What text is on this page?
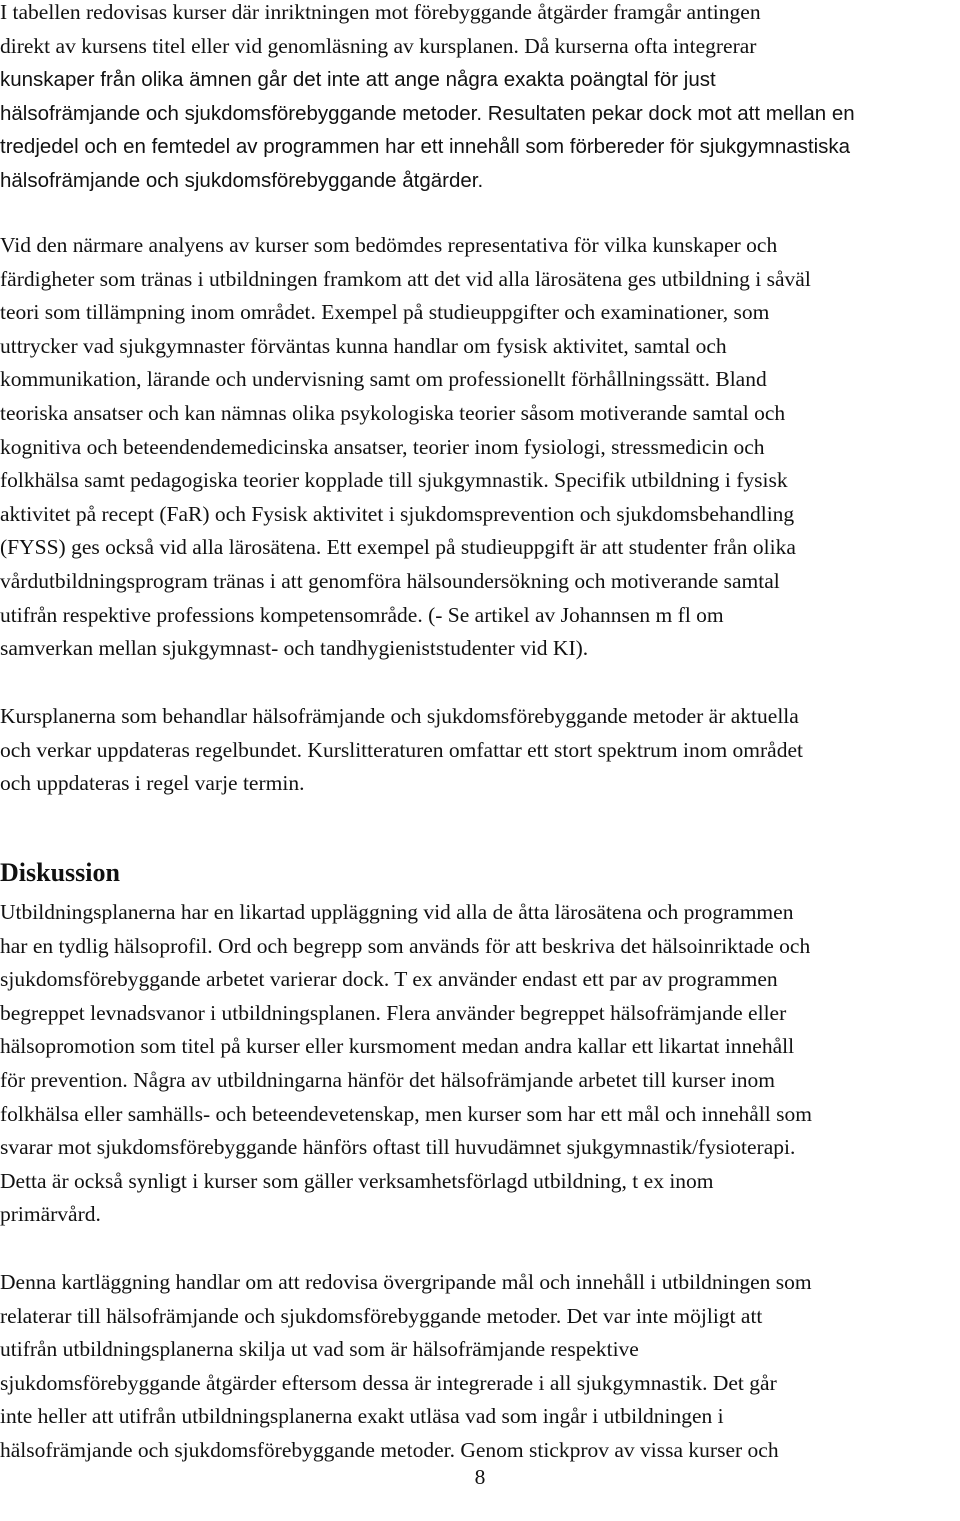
I tabellen redovisas kurser där inriktningen mot förebyggande åtgärder framgår antingen
direkt av kursens titel eller vid genomläsning av kursplanen. Då kurserna ofta integrerar
kunskaper från olika ämnen går det inte att ange några exakta poängtal för just
hälsofrämjande och sjukdomsförebyggande metoder. Resultaten pekar dock mot att mellan en
tredjedel och en femtedel av programmen har ett innehåll som förbereder för sjukgymnastiska
hälsofrämjande och sjukdomsförebyggande åtgärder.

Vid den närmare analyens av kurser som bedömdes representativa för vilka kunskaper och
färdigheter som tränas i utbildningen framkom att det vid alla lärosätena ges utbildning i såväl
teori som tillämpning inom området. Exempel på studieuppgifter och examinationer, som
uttrycker vad sjukgymnaster förväntas kunna handlar om fysisk aktivitet, samtal och
kommunikation, lärande och undervisning samt om professionellt förhållningssätt. Bland
teoriska ansatser och kan nämnas olika psykologiska teorier såsom motiverande samtal och
kognitiva och beteendendemedicinska ansatser, teorier inom fysiologi, stressmedicin och
folkhälsa samt pedagogiska teorier kopplade till sjukgymnastik. Specifik utbildning i fysisk
aktivitet på recept (FaR) och Fysisk aktivitet i sjukdomsprevention och sjukdomsbehandling
(FYSS) ges också vid alla lärosätena. Ett exempel på studieuppgift är att studenter från olika
vårdutbildningsprogram tränas i att genomföra hälsoundersökning och motiverande samtal
utifrån respektive professions kompetensområde. (- Se artikel av Johannsen m fl om
samverkan mellan sjukgymnast- och tandhygieniststudenter vid KI).

Kursplanerna som behandlar hälsofrämjande och sjukdomsförebyggande metoder är aktuella
och verkar uppdateras regelbundet. Kurslitteraturen omfattar ett stort spektrum inom området
och uppdateras i regel varje termin.

Diskussion

Utbildningsplanerna har en likartad uppläggning vid alla de åtta lärosätena och programmen
har en tydlig hälsoprofil. Ord och begrepp som används för att beskriva det hälsoinriktade och
sjukdomsförebyggande arbetet varierar dock. T ex använder endast ett par av programmen
begreppet levnadsvanor i utbildningsplanen. Flera använder begreppet hälsofrämjande eller
hälsopromotion som titel på kurser eller kursmoment medan andra kallar ett likartat innehåll
för prevention. Några av utbildningarna hänför det hälsofrämjande arbetet till kurser inom
folkhälsa eller samhälls- och beteendevetenskap, men kurser som har ett mål och innehåll som
svarar mot sjukdomsförebyggande hänförs oftast till huvudämnet sjukgymnastik/fysioterapi.
Detta är också synligt i kurser som gäller verksamhetsförlagd utbildning, t ex inom
primärvård.

Denna kartläggning handlar om att redovisa övergripande mål och innehåll i utbildningen som
relaterar till hälsofrämjande och sjukdomsförebyggande metoder. Det var inte möjligt att
utifrån utbildningsplanerna skilja ut vad som är hälsofrämjande respektive
sjukdomsförebyggande åtgärder eftersom dessa är integrerade i all sjukgymnastik. Det går
inte heller att utifrån utbildningsplanerna exakt utläsa vad som ingår i utbildningen i
hälsofrämjande och sjukdomsförebyggande metoder. Genom stickprov av vissa kurser och

8
